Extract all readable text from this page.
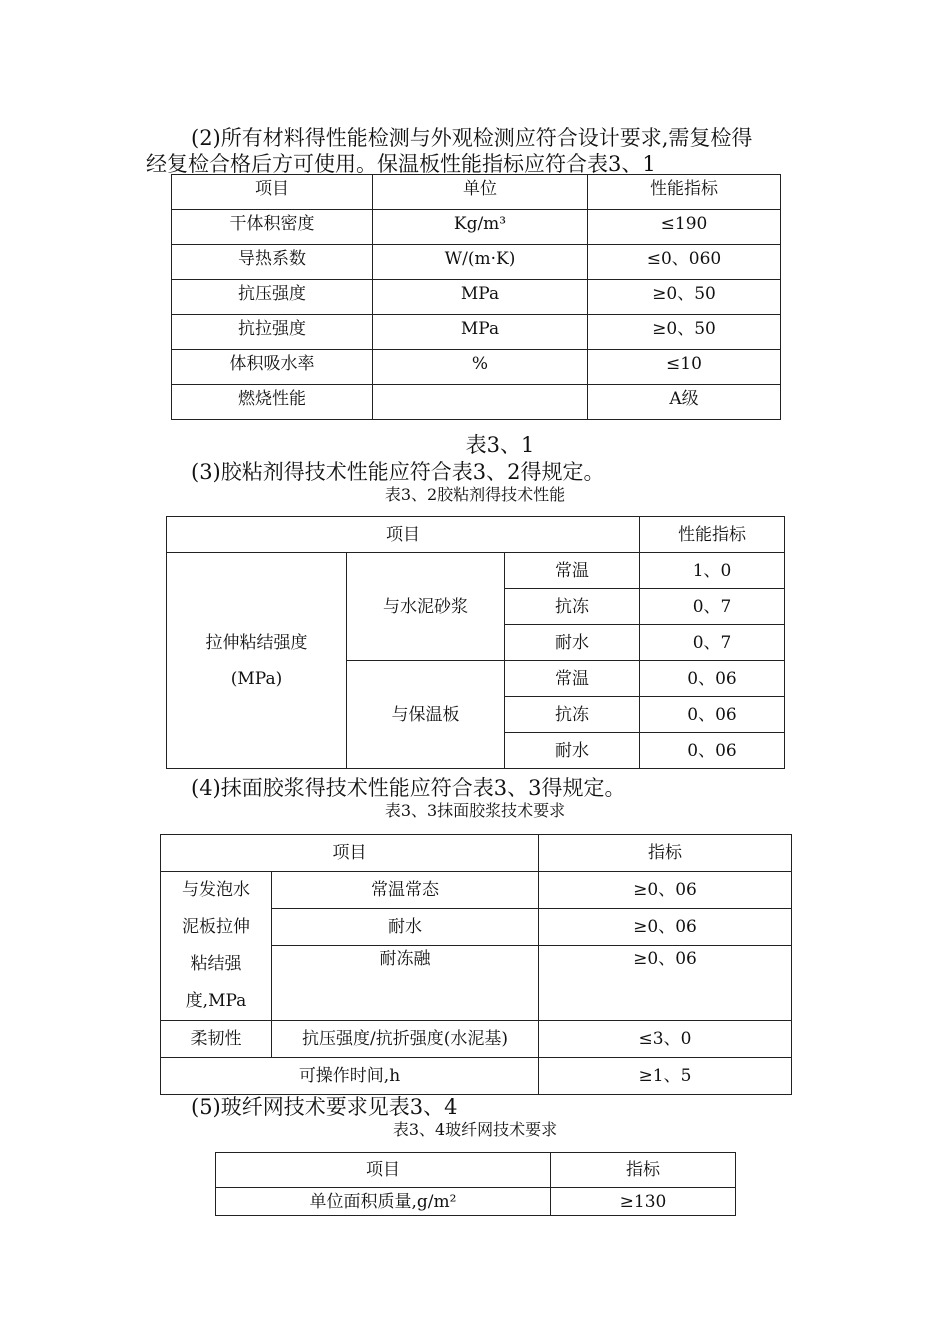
(2)所有材料得性能检测与外观检测应符合设计要求,需复检得
经复检合格后方可使用。保温板性能指标应符合表3、1
项目	单位	性能指标
干体积密度	Kg/m³	≤190
导热系数	W/(m·K)	≤0、060
抗压强度	MPa	≥0、50
抗拉强度	MPa	≥0、50
体积吸水率	%	≤10
燃烧性能		A级
表3、1
(3)胶粘剂得技术性能应符合表3、2得规定。
表3、2胶粘剂得技术性能
项目			性能指标

拉伸粘结强度
(MPa)	与水泥砂浆	常温	1、0
		抗冻	0、7
		耐水	0、7
	与保温板	常温	0、06
		抗冻	0、06
		耐水	0、06
(4)抹面胶浆得技术性能应符合表3、3得规定。
表3、3抹面胶浆技术要求
项目		指标

与发泡水
泥板拉伸
粘结强
度,MPa	常温常态	≥0、06
	耐水	≥0、06
	耐冻融	≥0、06
柔韧性	抗压强度/抗折强度(水泥基)	≤3、0
可操作时间,h		≥1、5
(5)玻纤网技术要求见表3、4
表3、4玻纤网技术要求
项目	指标
单位面积质量,g/m²	≥130
